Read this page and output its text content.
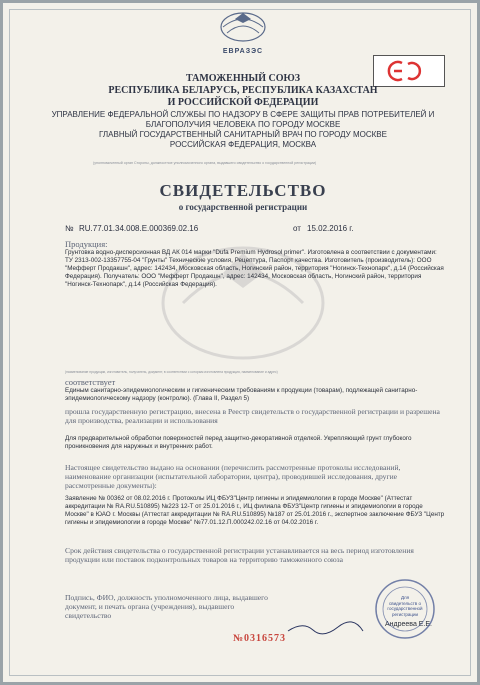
ЕВРАЗЭС
ТАМОЖЕННЫЙ СОЮЗ
РЕСПУБЛИКА БЕЛАРУСЬ, РЕСПУБЛИКА КАЗАХСТАН
И РОССИЙСКОЙ ФЕДЕРАЦИИ
УПРАВЛЕНИЕ ФЕДЕРАЛЬНОЙ СЛУЖБЫ ПО НАДЗОРУ В СФЕРЕ ЗАЩИТЫ ПРАВ ПОТРЕБИТЕЛЕЙ И
БЛАГОПОЛУЧИЯ ЧЕЛОВЕКА ПО ГОРОДУ МОСКВЕ
ГЛАВНЫЙ ГОСУДАРСТВЕННЫЙ САНИТАРНЫЙ ВРАЧ ПО ГОРОДУ МОСКВЕ
РОССИЙСКАЯ ФЕДЕРАЦИЯ, МОСКВА
(уполномоченный орган Стороны, должностное уполномоченного органа, выдавшего свидетельство о государственной регистрации)
СВИДЕТЕЛЬСТВО
о государственной регистрации
№ RU.77.01.34.008.Е.000369.02.16	от 15.02.2016 г.
Продукция:
Грунтовка водно-дисперсионная ВД АК 014 марки "Dufa Premium Hydrosol primer". Изготовлена в соответствии с документами: ТУ 2313-002-13357755-04 "Грунты" Технические условия, Рецептура, Паспорт качества. Изготовитель (производитель): ООО "Мефферт Продакшн", адрес: 142434, Московская область, Ногинский район, территория "Ногинск-Технопарк", д.14 (Российская Федерация). Получатель: ООО "Мефферт Продакшн", адрес: 142434, Московская область, Ногинский район, территория "Ногинск-Технопарк", д.14 (Российская Федерация).
(наименование продукции, изготовитель, получатель, документ, в соответствии с которым изготовлена продукция, наименование и адрес)
соответствует
Единым санитарно-эпидемиологическим и гигиеническим требованиям к продукции (товарам), подлежащей санитарно-эпидемиологическому надзору (контролю). (Глава II, Раздел 5)
прошла государственную регистрацию, внесена в Реестр свидетельств о государственной регистрации и разрешена для производства, реализации и использования
Для предварительной обработки поверхностей перед защитно-декоративной отделкой. Укрепляющий грунт глубокого проникновения для наружных и внутренних работ.
Настоящее свидетельство выдано на основании (перечислить рассмотренные протоколы исследований, наименование организации (испытательной лаборатории, центра), проводившей исследования, другие рассмотренные документы):
Заявление № 00362 от 08.02.2016 г. Протоколы ИЦ ФБУЗ"Центр гигиены и эпидемиологии в городе Москве" (Аттестат аккредитации № RA.RU.510895) №223 12-Т от 25.01.2016 г., ИЦ филиала ФБУЗ"Центр гигиены и эпидемиологии в городе Москве" в ЮАО г. Москвы (Аттестат аккредитации № RA.RU.510895) №187 от 25.01.2016 г., экспертное заключение ФБУЗ "Центр гигиены и эпидемиологии в городе Москве" №77.01.12.П.000242.02.16 от 04.02.2016 г.
Срок действия свидетельства о государственной регистрации устанавливается на весь период изготовления продукции или поставок подконтрольных товаров на территорию таможенного союза
Подпись, ФИО, должность уполномоченного лица, выдавшего документ, и печать органа (учреждения), выдавшего свидетельство
Андреева Е.Е.
Для свидетельств о государственной регистрации
№0316573
